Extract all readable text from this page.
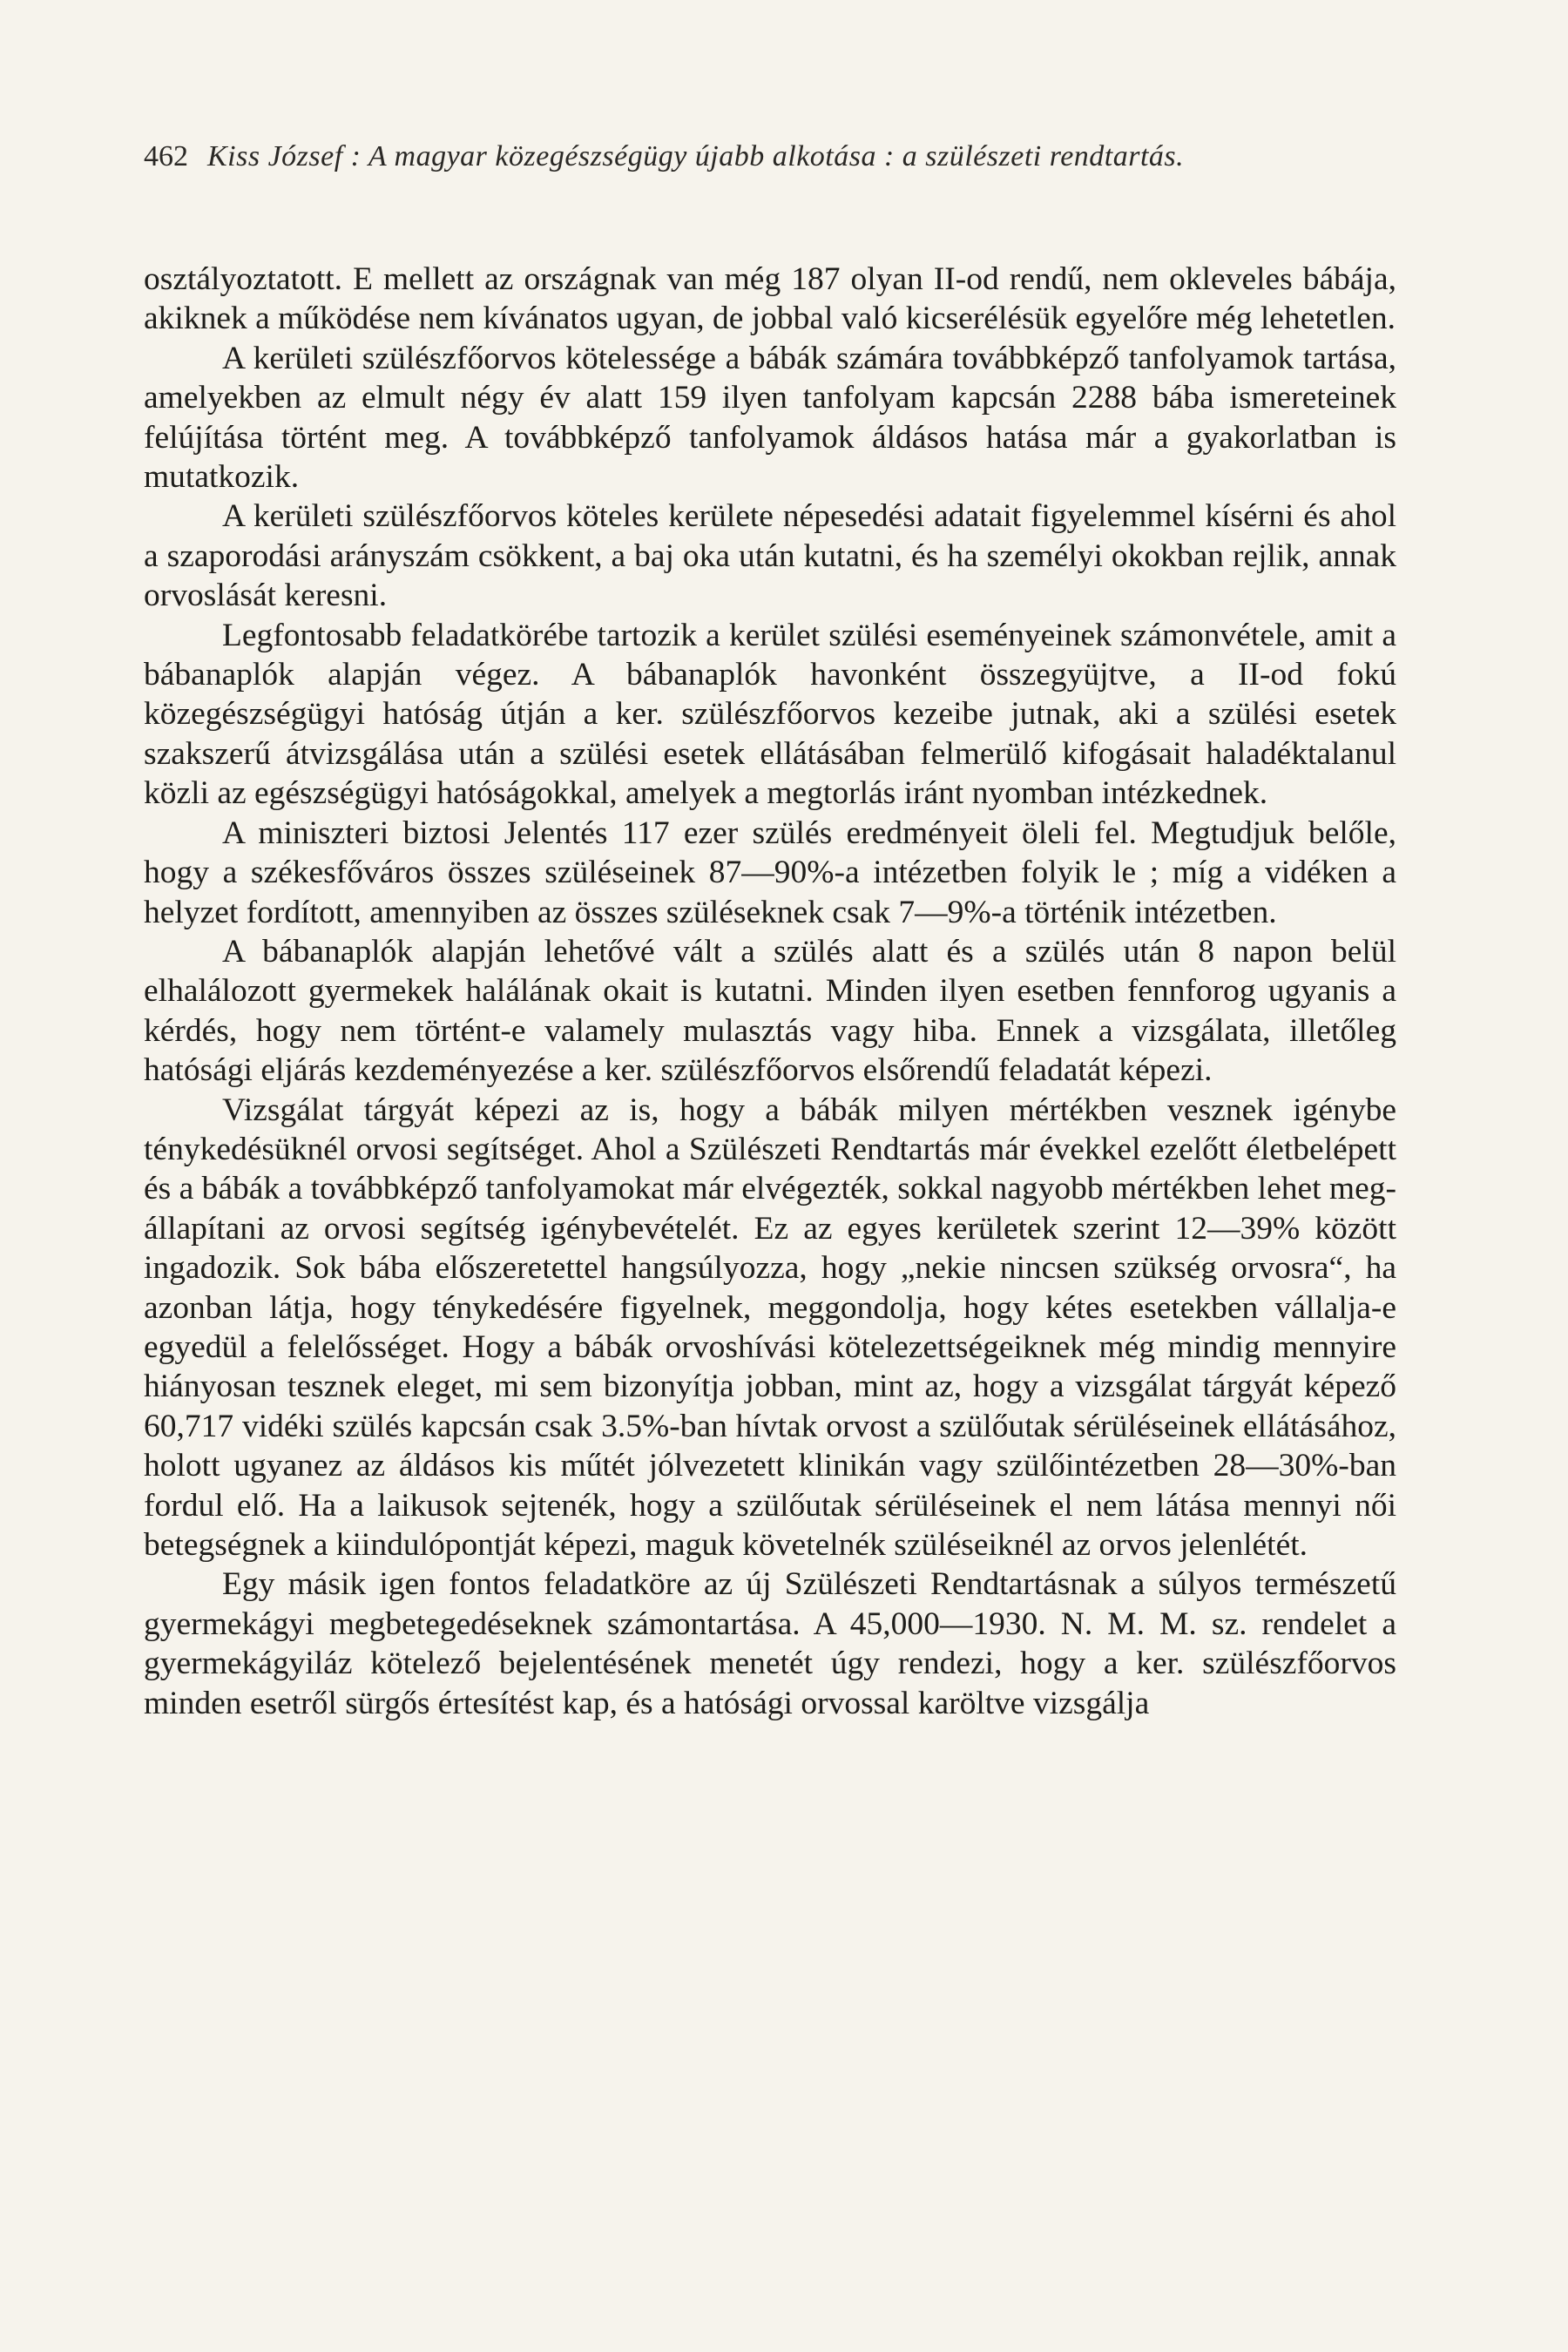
462 Kiss József : A magyar közegészségügy újabb alkotása : a szülészeti rendtartás.

osztályoztatott. E mellett az országnak van még 187 olyan II-od rendű, nem okleveles bábája, akiknek a működése nem kívánatos ugyan, de jobbal való kicserélésük egyelőre még lehetetlen.

A kerületi szülészfőorvos kötelessége a bábák számára továbbképző tanfolyamok tartása, amelyekben az elmult négy év alatt 159 ilyen tanfolyam kapcsán 2288 bába ismereteinek felújítása történt meg. A továbbképző tanfolyamok áldásos hatása már a gyakorlatban is mutatkozik.

A kerületi szülészfőorvos köteles kerülete népesedési adatait figyelemmel kísérni és ahol a szaporodási arányszám csökkent, a baj oka után kutatni, és ha személyi okokban rejlik, annak orvoslását keresni.

Legfontosabb feladatkörébe tartozik a kerület szülési eseményeinek számonvétele, amit a bábanaplók alapján végez. A bábanaplók havonként összegyüjtve, a II-od fokú közegészségügyi hatóság útján a ker. szülészfőorvos kezeibe jutnak, aki a szülési esetek szakszerű átvizsgálása után a szülési esetek ellátásában felmerülő kifogásait haladéktalanul közli az egészségügyi hatóságokkal, amelyek a megtorlás iránt nyomban intézkednek.

A miniszteri biztosi Jelentés 117 ezer szülés eredményeit öleli fel. Megtudjuk belőle, hogy a székesfőváros összes szüléseinek 87—90%-a intézetben folyik le ; míg a vidéken a helyzet fordított, amennyiben az összes szüléseknek csak 7—9%-a történik intézetben.

A bábanaplók alapján lehetővé vált a szülés alatt és a szülés után 8 napon belül elhalálozott gyermekek halálának okait is kutatni. Minden ilyen esetben fennforog ugyanis a kérdés, hogy nem történt-e valamely mulasztás vagy hiba. Ennek a vizsgálata, illetőleg hatósági eljárás kezdeményezése a ker. szülészfőorvos elsőrendű feladatát képezi.

Vizsgálat tárgyát képezi az is, hogy a bábák milyen mértékben vesznek igénybe ténykedésüknél orvosi segítséget. Ahol a Szülészeti Rendtartás már évekkel ezelőtt életbelépett és a bábák a továbbképző tanfolyamokat már elvégezték, sokkal nagyobb mértékben lehet megállapítani az orvosi segítség igénybevételét. Ez az egyes kerületek szerint 12—39% között ingadozik. Sok bába előszeretettel hangsúlyozza, hogy „nekie nincsen szükség orvosra“, ha azonban látja, hogy ténykedésére figyelnek, meggondolja, hogy kétes esetekben vállalja-e egyedül a felelősséget. Hogy a bábák orvoshívási kötelezettségeiknek még mindig mennyire hiányosan tesznek eleget, mi sem bizonyítja jobban, mint az, hogy a vizsgálat tárgyát képező 60,717 vidéki szülés kapcsán csak 3.5%-ban hívtak orvost a szülőutak sérüléseinek ellátásához, holott ugyanez az áldásos kis műtét jólvezetett klinikán vagy szülőintézetben 28—30%-ban fordul elő. Ha a laikusok sejtenék, hogy a szülőutak sérüléseinek el nem látása mennyi női betegségnek a kiindulópontját képezi, maguk követelnék szüléseiknél az orvos jelenlétét.

Egy másik igen fontos feladatköre az új Szülészeti Rendtartásnak a súlyos természetű gyermekágyi megbetegedéseknek számontartása. A 45,000—1930. N. M. M. sz. rendelet a gyermekágyiláz kötelező bejelentésének menetét úgy rendezi, hogy a ker. szülészfőorvos minden esetről sürgős értesítést kap, és a hatósági orvossal karöltve vizsgálja
